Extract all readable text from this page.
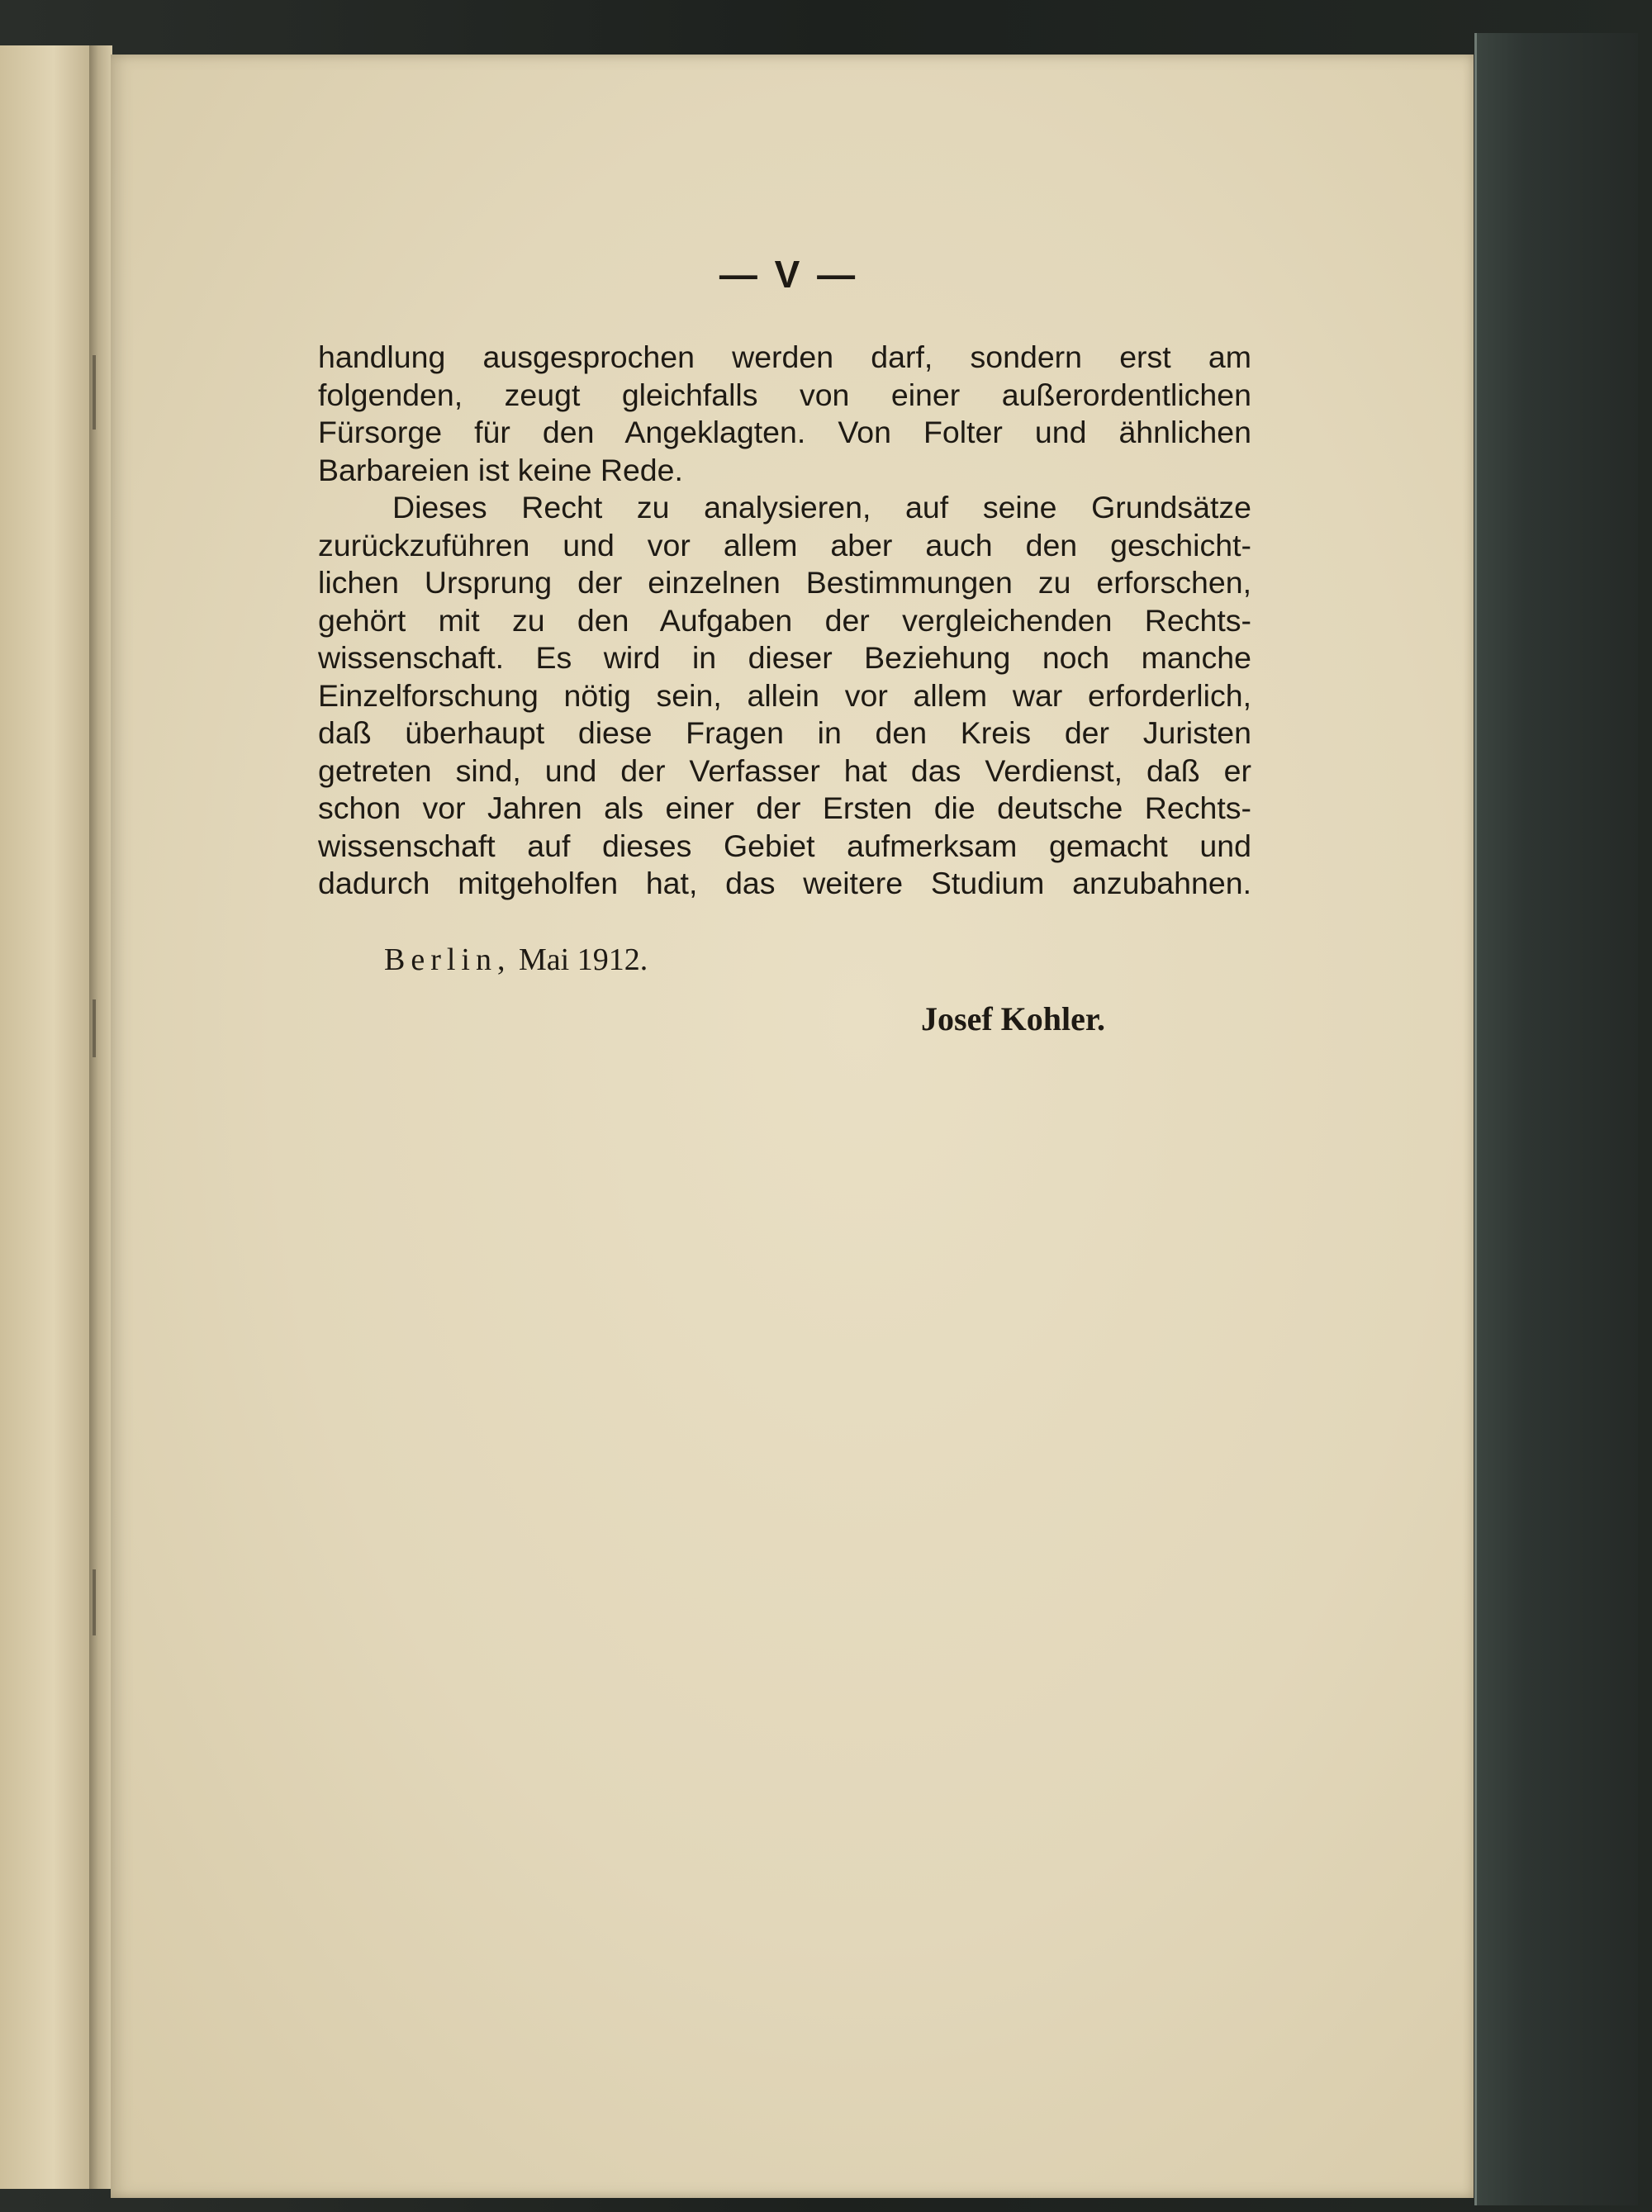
— V —
handlung ausgesprochen werden darf, sondern erst am
folgenden, zeugt gleichfalls von einer außerordentlichen
Fürsorge für den Angeklagten. Von Folter und ähnlichen
Barbareien ist keine Rede.
Dieses Recht zu analysieren, auf seine Grundsätze
zurückzuführen und vor allem aber auch den geschicht-
lichen Ursprung der einzelnen Bestimmungen zu erforschen,
gehört mit zu den Aufgaben der vergleichenden Rechts-
wissenschaft. Es wird in dieser Beziehung noch manche
Einzelforschung nötig sein, allein vor allem war erforderlich,
daß überhaupt diese Fragen in den Kreis der Juristen
getreten sind, und der Verfasser hat das Verdienst, daß er
schon vor Jahren als einer der Ersten die deutsche Rechts-
wissenschaft auf dieses Gebiet aufmerksam gemacht und
dadurch mitgeholfen hat, das weitere Studium anzubahnen.
Berlin, Mai 1912.
Josef Kohler.
